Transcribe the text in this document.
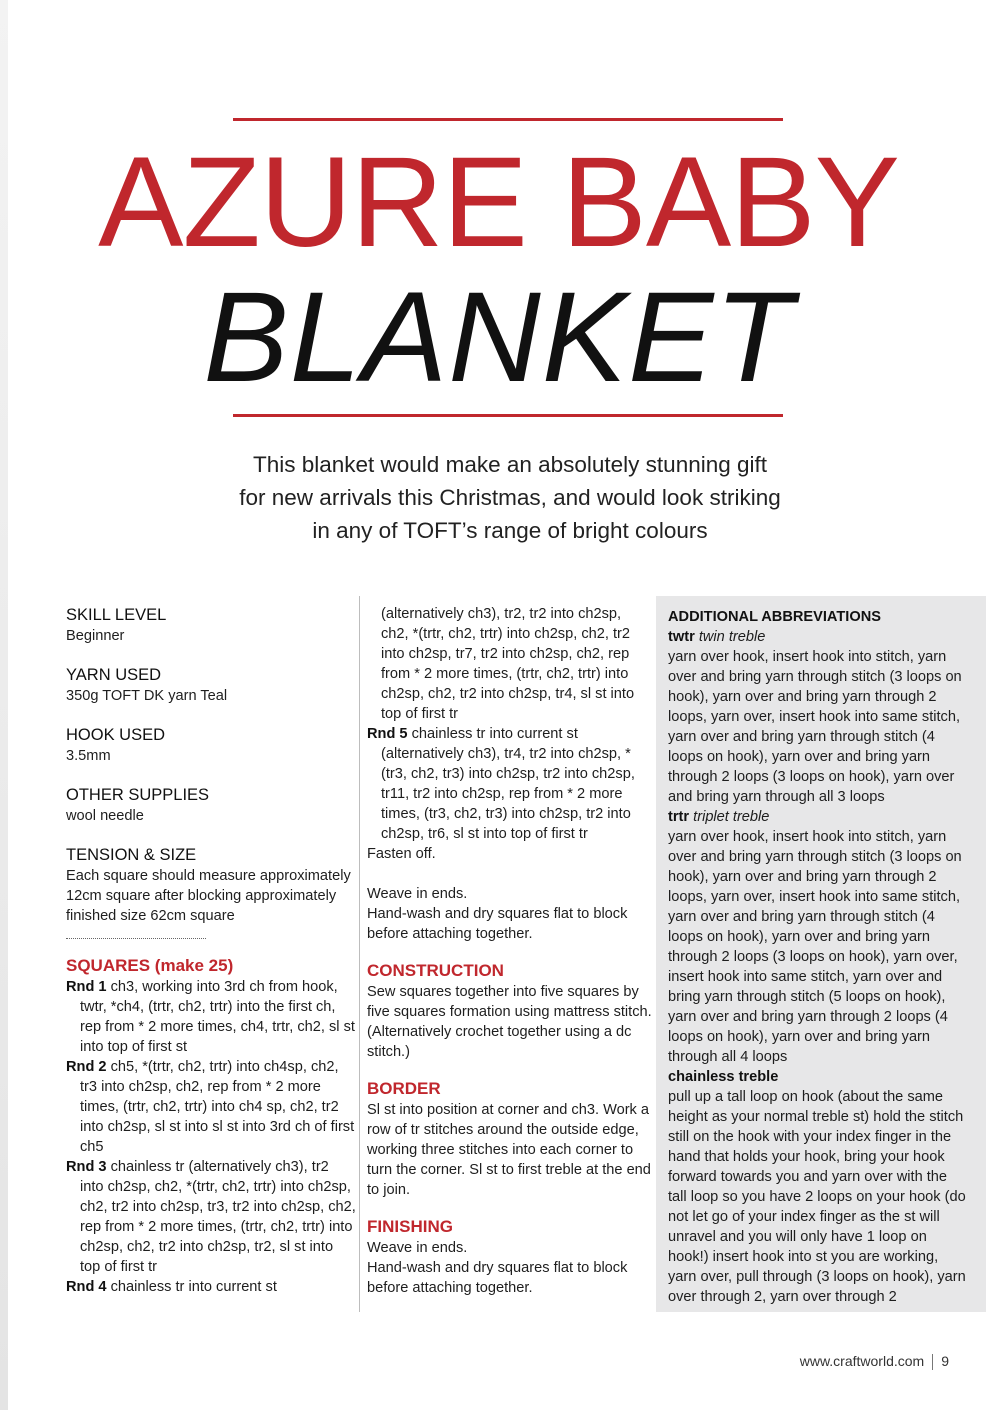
AZURE BABY
BLANKET
This blanket would make an absolutely stunning gift
for new arrivals this Christmas, and would look striking
in any of TOFT’s range of bright colours
SKILL LEVEL
Beginner
YARN USED
350g TOFT DK yarn Teal
HOOK USED
3.5mm
OTHER SUPPLIES
wool needle
TENSION & SIZE
Each square should measure approximately 12cm square after blocking approximately finished size 62cm square
SQUARES (make 25)
Rnd 1 ch3, working into 3rd ch from hook, twtr, *ch4, (trtr, ch2, trtr) into the first ch, rep from * 2 more times, ch4, trtr, ch2, sl st into top of first st
Rnd 2 ch5, *(trtr, ch2, trtr) into ch4sp, ch2, tr3 into ch2sp, ch2, rep from * 2 more times, (trtr, ch2, trtr) into ch4 sp, ch2, tr2 into ch2sp, sl st into sl st into 3rd ch of first ch5
Rnd 3 chainless tr (alternatively ch3), tr2 into ch2sp, ch2, *(trtr, ch2, trtr) into ch2sp, ch2, tr2 into ch2sp, tr3, tr2 into ch2sp, ch2, rep from * 2 more times, (trtr, ch2, trtr) into ch2sp, ch2, tr2 into ch2sp, tr2, sl st into top of first tr
Rnd 4 chainless tr into current st
(alternatively ch3), tr2, tr2 into ch2sp, ch2, *(trtr, ch2, trtr) into ch2sp, ch2, tr2 into ch2sp, tr7, tr2 into ch2sp, ch2, rep from * 2 more times, (trtr, ch2, trtr) into ch2sp, ch2, tr2 into ch2sp, tr4, sl st into top of first tr
Rnd 5 chainless tr into current st (alternatively ch3), tr4, tr2 into ch2sp, *(tr3, ch2, tr3) into ch2sp, tr2 into ch2sp, tr11, tr2 into ch2sp, rep from * 2 more times, (tr3, ch2, tr3) into ch2sp, tr2 into ch2sp, tr6, sl st into top of first tr
Fasten off.
Weave in ends.
Hand-wash and dry squares flat to block before attaching together.
CONSTRUCTION
Sew squares together into five squares by five squares formation using mattress stitch.
(Alternatively crochet together using a dc stitch.)
BORDER
Sl st into position at corner and ch3. Work a row of tr stitches around the outside edge, working three stitches into each corner to turn the corner. Sl st to first treble at the end to join.
FINISHING
Weave in ends.
Hand-wash and dry squares flat to block before attaching together.
ADDITIONAL ABBREVIATIONS
twtr twin treble
yarn over hook, insert hook into stitch, yarn over and bring yarn through stitch (3 loops on hook), yarn over and bring yarn through 2 loops, yarn over, insert hook into same stitch, yarn over and bring yarn through stitch (4 loops on hook), yarn over and bring yarn through 2 loops (3 loops on hook), yarn over and bring yarn through all 3 loops
trtr triplet treble
yarn over hook, insert hook into stitch, yarn over and bring yarn through stitch (3 loops on hook), yarn over and bring yarn through 2 loops, yarn over, insert hook into same stitch, yarn over and bring yarn through stitch (4 loops on hook), yarn over and bring yarn through 2 loops (3 loops on hook), yarn over, insert hook into same stitch, yarn over and bring yarn through stitch (5 loops on hook), yarn over and bring yarn through 2 loops (4 loops on hook), yarn over and bring yarn through all 4 loops
chainless treble
pull up a tall loop on hook (about the same height as your normal treble st) hold the stitch still on the hook with your index finger in the hand that holds your hook, bring your hook forward towards you and yarn over with the tall loop so you have 2 loops on your hook (do not let go of your index finger as the st will unravel and you will only have 1 loop on hook!) insert hook into st you are working, yarn over, pull through (3 loops on hook), yarn over through 2, yarn over through 2
www.craftworld.com 9
